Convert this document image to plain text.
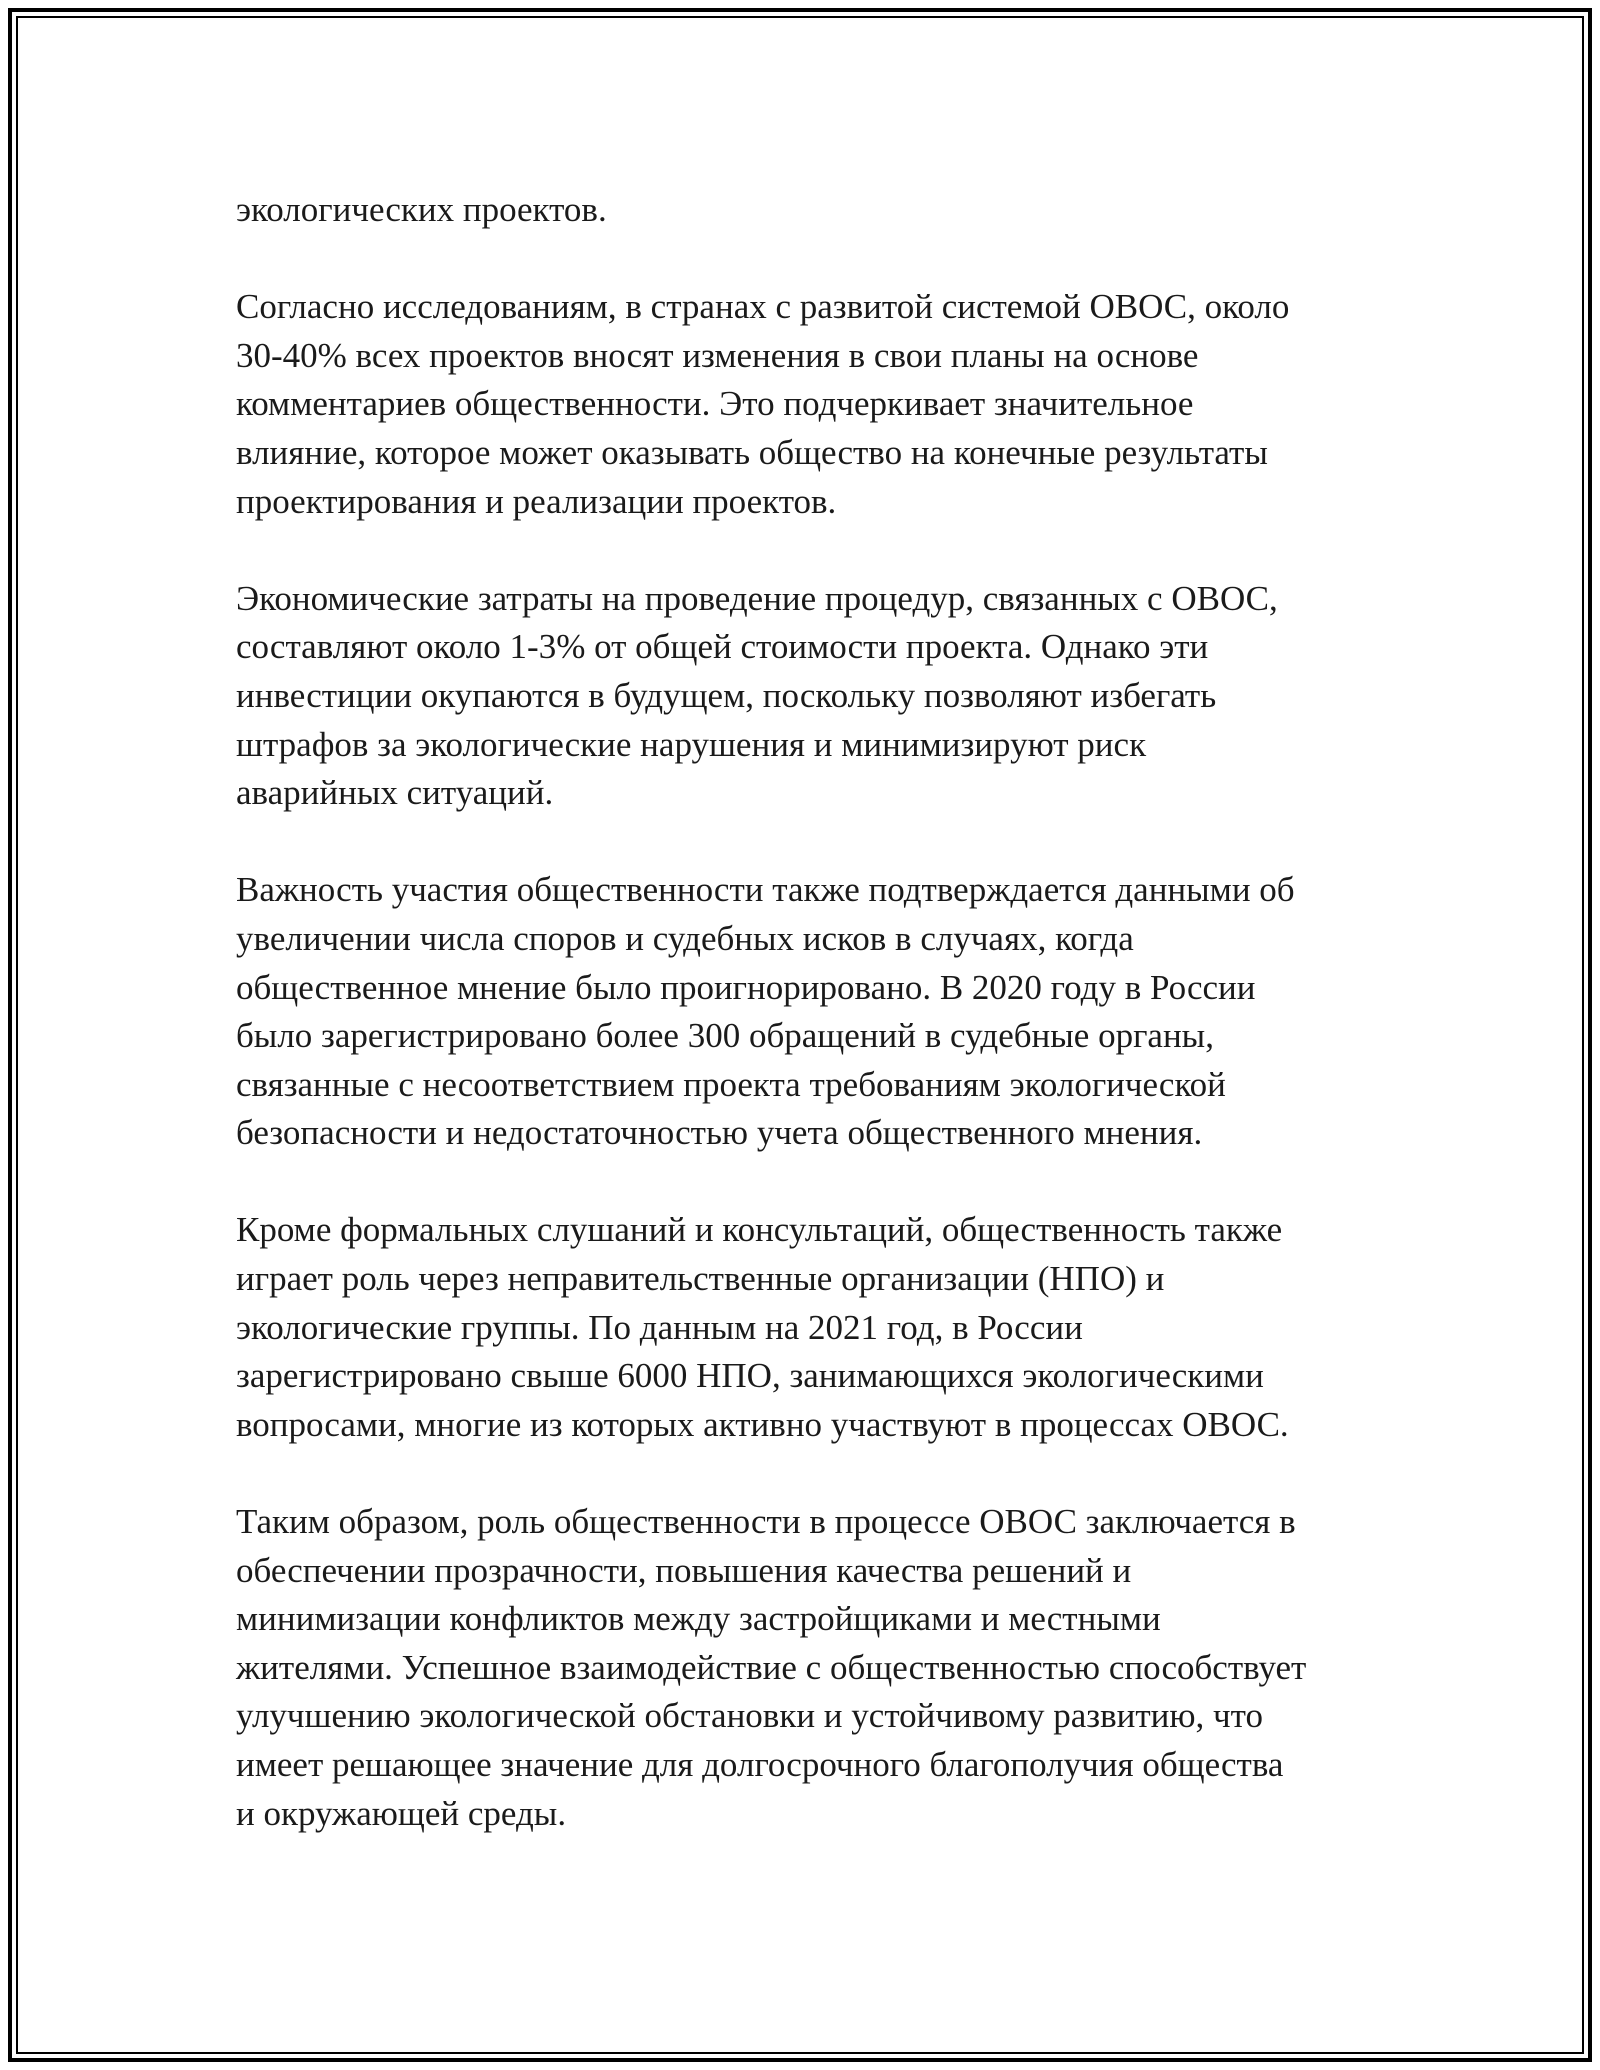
экологических проектов.

Согласно исследованиям, в странах с развитой системой ОВОС, около
30-40% всех проектов вносят изменения в свои планы на основе
комментариев общественности. Это подчеркивает значительное
влияние, которое может оказывать общество на конечные результаты
проектирования и реализации проектов.

Экономические затраты на проведение процедур, связанных с ОВОС,
составляют около 1-3% от общей стоимости проекта. Однако эти
инвестиции окупаются в будущем, поскольку позволяют избегать
штрафов за экологические нарушения и минимизируют риск
аварийных ситуаций.

Важность участия общественности также подтверждается данными об
увеличении числа споров и судебных исков в случаях, когда
общественное мнение было проигнорировано. В 2020 году в России
было зарегистрировано более 300 обращений в судебные органы,
связанные с несоответствием проекта требованиям экологической
безопасности и недостаточностью учета общественного мнения.

Кроме формальных слушаний и консультаций, общественность также
играет роль через неправительственные организации (НПО) и
экологические группы. По данным на 2021 год, в России
зарегистрировано свыше 6000 НПО, занимающихся экологическими
вопросами, многие из которых активно участвуют в процессах ОВОС.

Таким образом, роль общественности в процессе ОВОС заключается в
обеспечении прозрачности, повышения качества решений и
минимизации конфликтов между застройщиками и местными
жителями. Успешное взаимодействие с общественностью способствует
улучшению экологической обстановки и устойчивому развитию, что
имеет решающее значение для долгосрочного благополучия общества
и окружающей среды.
